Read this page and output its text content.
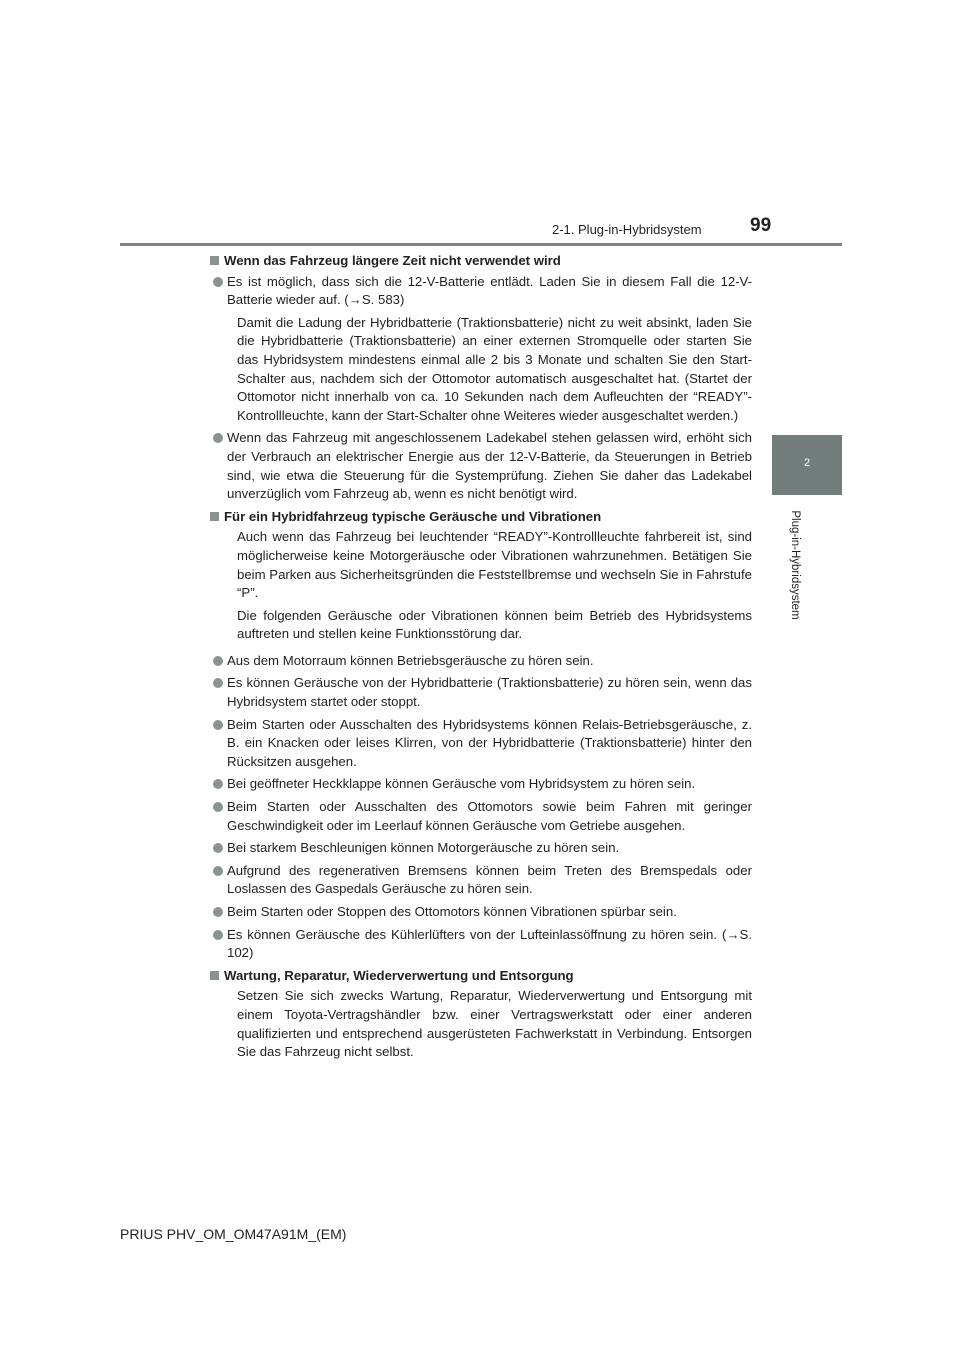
2-1. Plug-in-Hybridsystem	99
2
Plug-in-Hybridsystem
Wenn das Fahrzeug längere Zeit nicht verwendet wird
Es ist möglich, dass sich die 12-V-Batterie entlädt. Laden Sie in diesem Fall die 12-V-Batterie wieder auf. (→S. 583)
Damit die Ladung der Hybridbatterie (Traktionsbatterie) nicht zu weit absinkt, laden Sie die Hybridbatterie (Traktionsbatterie) an einer externen Stromquelle oder starten Sie das Hybridsystem mindestens einmal alle 2 bis 3 Monate und schalten Sie den Start-Schalter aus, nachdem sich der Ottomotor automatisch ausgeschaltet hat. (Startet der Ottomotor nicht innerhalb von ca. 10 Sekunden nach dem Aufleuchten der “READY”-Kontrollleuchte, kann der Start-Schalter ohne Weiteres wieder ausgeschaltet werden.)
Wenn das Fahrzeug mit angeschlossenem Ladekabel stehen gelassen wird, erhöht sich der Verbrauch an elektrischer Energie aus der 12-V-Batterie, da Steuerungen in Betrieb sind, wie etwa die Steuerung für die Systemprüfung. Ziehen Sie daher das Ladekabel unverzüglich vom Fahrzeug ab, wenn es nicht benötigt wird.
Für ein Hybridfahrzeug typische Geräusche und Vibrationen
Auch wenn das Fahrzeug bei leuchtender “READY”-Kontrollleuchte fahrbereit ist, sind möglicherweise keine Motorgeräusche oder Vibrationen wahrzunehmen. Betätigen Sie beim Parken aus Sicherheitsgründen die Feststellbremse und wechseln Sie in Fahrstufe “P”.
Die folgenden Geräusche oder Vibrationen können beim Betrieb des Hybridsystems auftreten und stellen keine Funktionsstörung dar.
Aus dem Motorraum können Betriebsgeräusche zu hören sein.
Es können Geräusche von der Hybridbatterie (Traktionsbatterie) zu hören sein, wenn das Hybridsystem startet oder stoppt.
Beim Starten oder Ausschalten des Hybridsystems können Relais-Betriebsgeräusche, z. B. ein Knacken oder leises Klirren, von der Hybridbatterie (Traktionsbatterie) hinter den Rücksitzen ausgehen.
Bei geöffneter Heckklappe können Geräusche vom Hybridsystem zu hören sein.
Beim Starten oder Ausschalten des Ottomotors sowie beim Fahren mit geringer Geschwindigkeit oder im Leerlauf können Geräusche vom Getriebe ausgehen.
Bei starkem Beschleunigen können Motorgeräusche zu hören sein.
Aufgrund des regenerativen Bremsens können beim Treten des Bremspedals oder Loslassen des Gaspedals Geräusche zu hören sein.
Beim Starten oder Stoppen des Ottomotors können Vibrationen spürbar sein.
Es können Geräusche des Kühlerlüfters von der Lufteinlassöffnung zu hören sein. (→S. 102)
Wartung, Reparatur, Wiederverwertung und Entsorgung
Setzen Sie sich zwecks Wartung, Reparatur, Wiederverwertung und Entsorgung mit einem Toyota-Vertragshändler bzw. einer Vertragswerkstatt oder einer anderen qualifizierten und entsprechend ausgerüsteten Fachwerkstatt in Verbindung. Entsorgen Sie das Fahrzeug nicht selbst.
PRIUS PHV_OM_OM47A91M_(EM)
